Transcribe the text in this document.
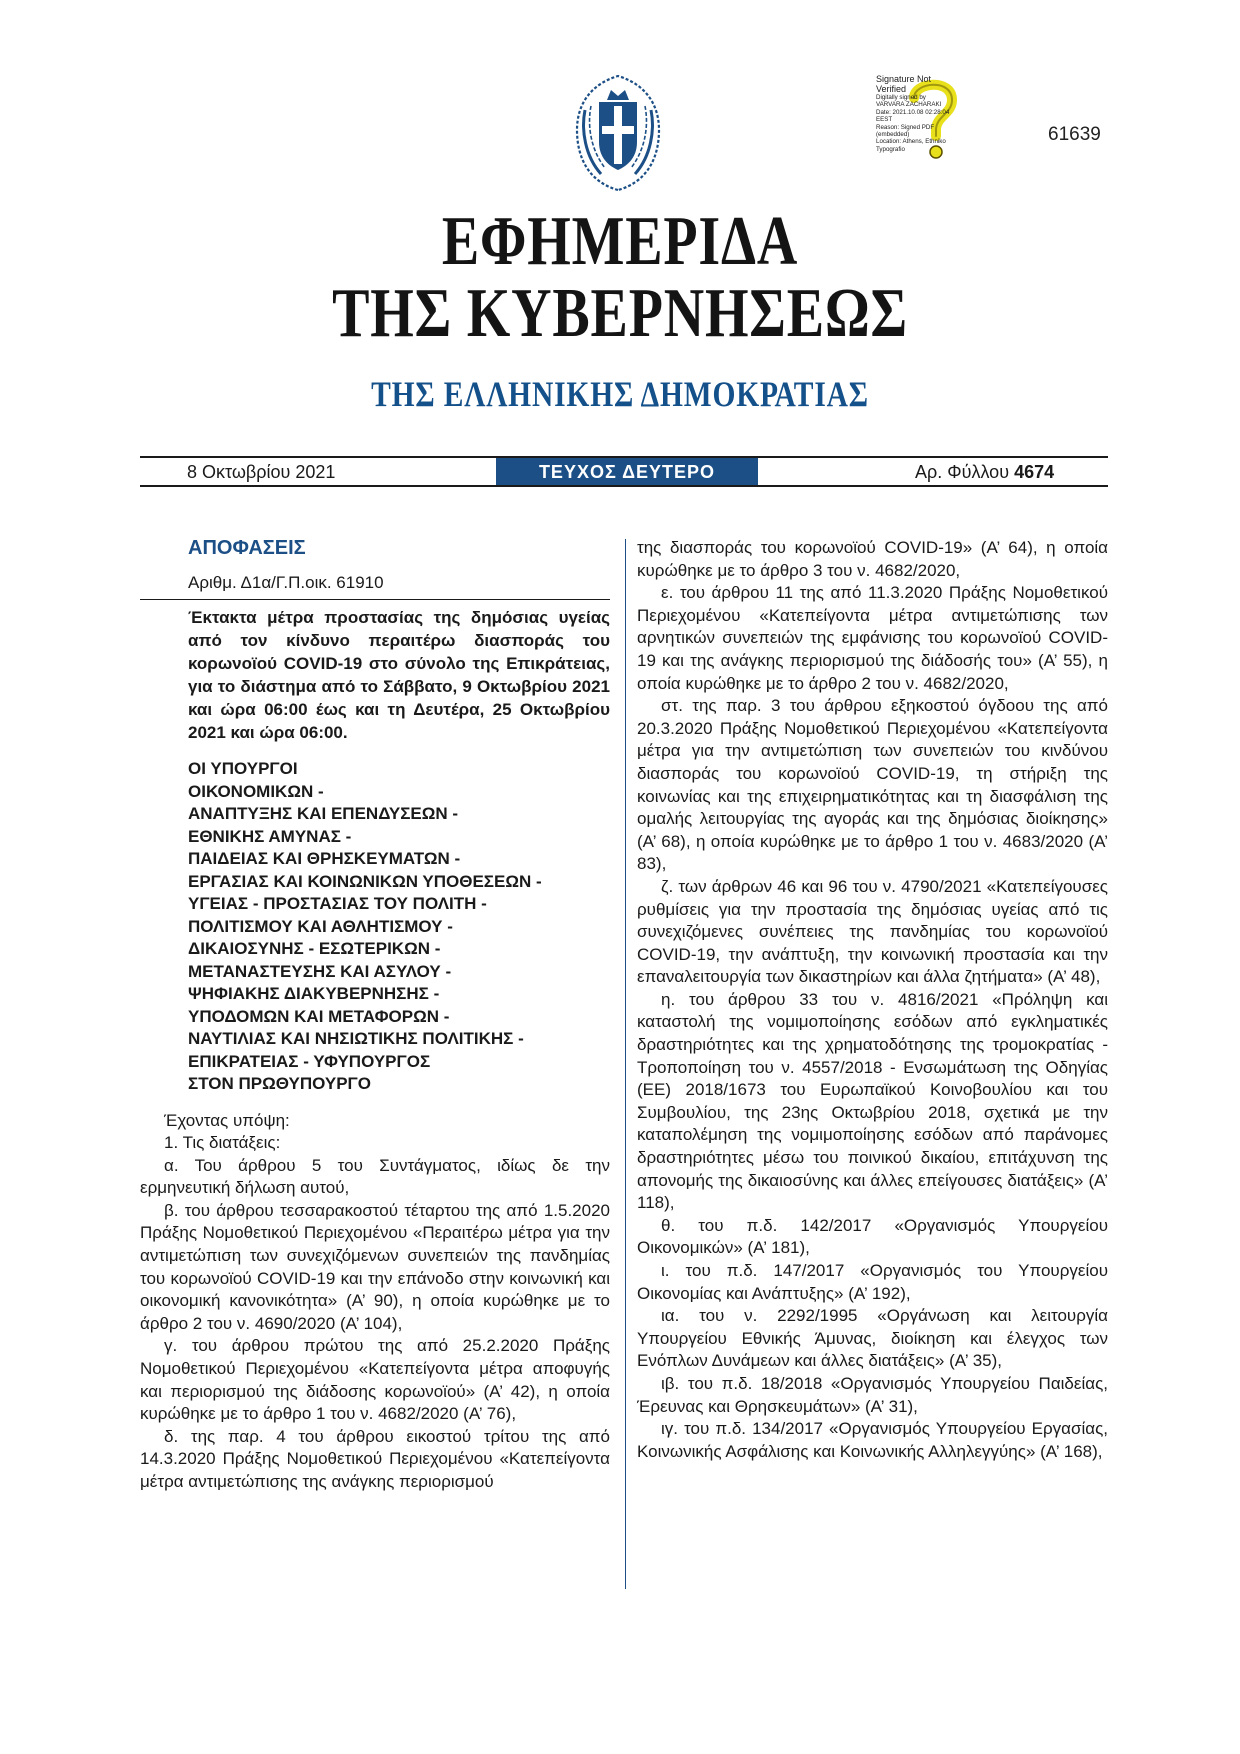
Signature Not
Verified
Digitally signed by
VARVARA ZACHARAKI
Date: 2021.10.08 02:28:04
EEST
Reason: Signed PDF
(embedded)
Location: Athens, Ethniko
Typografio
61639
ΕΦΗΜΕΡΙΔΑ
ΤΗΣ ΚΥΒΕΡΝΗΣΕΩΣ
ΤΗΣ ΕΛΛΗΝΙΚΗΣ ΔΗΜΟΚΡΑΤΙΑΣ
8 Οκτωβρίου 2021	ΤΕΥΧΟΣ ΔΕΥΤΕΡΟ	Αρ. Φύλλου 4674
ΑΠΟΦΑΣΕΙΣ
Αριθμ. Δ1α/Γ.Π.οικ. 61910
Έκτακτα μέτρα προστασίας της δημόσιας υγείας από τον κίνδυνο περαιτέρω διασποράς του κορωνοϊού COVID-19 στο σύνολο της Επικράτειας, για το διάστημα από το Σάββατο, 9 Οκτωβρίου 2021 και ώρα 06:00 έως και τη Δευτέρα, 25 Οκτωβρίου 2021 και ώρα 06:00.
ΟΙ ΥΠΟΥΡΓΟΙ
ΟΙΚΟΝΟΜΙΚΩΝ -
ΑΝΑΠΤΥΞΗΣ ΚΑΙ ΕΠΕΝΔΥΣΕΩΝ -
ΕΘΝΙΚΗΣ ΑΜΥΝΑΣ -
ΠΑΙΔΕΙΑΣ ΚΑΙ ΘΡΗΣΚΕΥΜΑΤΩΝ -
ΕΡΓΑΣΙΑΣ ΚΑΙ ΚΟΙΝΩΝΙΚΩΝ ΥΠΟΘΕΣΕΩΝ -
ΥΓΕΙΑΣ - ΠΡΟΣΤΑΣΙΑΣ ΤΟΥ ΠΟΛΙΤΗ -
ΠΟΛΙΤΙΣΜΟΥ ΚΑΙ ΑΘΛΗΤΙΣΜΟΥ -
ΔΙΚΑΙΟΣΥΝΗΣ - ΕΣΩΤΕΡΙΚΩΝ -
ΜΕΤΑΝΑΣΤΕΥΣΗΣ ΚΑΙ ΑΣΥΛΟΥ -
ΨΗΦΙΑΚΗΣ ΔΙΑΚΥΒΕΡΝΗΣΗΣ -
ΥΠΟΔΟΜΩΝ ΚΑΙ ΜΕΤΑΦΟΡΩΝ -
ΝΑΥΤΙΛΙΑΣ ΚΑΙ ΝΗΣΙΩΤΙΚΗΣ ΠΟΛΙΤΙΚΗΣ -
ΕΠΙΚΡΑΤΕΙΑΣ - ΥΦΥΠΟΥΡΓΟΣ
ΣΤΟΝ ΠΡΩΘΥΠΟΥΡΓΟ
Έχοντας υπόψη:
1. Τις διατάξεις:

α. Του άρθρου 5 του Συντάγματος, ιδίως δε την ερμηνευτική δήλωση αυτού,

β. του άρθρου τεσσαρακοστού τέταρτου της από 1.5.2020 Πράξης Νομοθετικού Περιεχομένου «Περαιτέρω μέτρα για την αντιμετώπιση των συνεχιζόμενων συνεπειών της πανδημίας του κορωνοϊού COVID-19 και την επάνοδο στην κοινωνική και οικονομική κανονικότητα» (Α’ 90), η οποία κυρώθηκε με το άρθρο 2 του ν. 4690/2020 (Α’ 104),

γ. του άρθρου πρώτου της από 25.2.2020 Πράξης Νομοθετικού Περιεχομένου «Κατεπείγοντα μέτρα αποφυγής και περιορισμού της διάδοσης κορωνοϊού» (Α’ 42), η οποία κυρώθηκε με το άρθρο 1 του ν. 4682/2020 (Α’ 76),

δ. της παρ. 4 του άρθρου εικοστού τρίτου της από 14.3.2020 Πράξης Νομοθετικού Περιεχομένου «Κατεπείγοντα μέτρα αντιμετώπισης της ανάγκης περιορισμού

της διασποράς του κορωνοϊού COVID-19» (Α’ 64), η οποία κυρώθηκε με το άρθρο 3 του ν. 4682/2020,

ε. του άρθρου 11 της από 11.3.2020 Πράξης Νομοθετικού Περιεχομένου «Κατεπείγοντα μέτρα αντιμετώπισης των αρνητικών συνεπειών της εμφάνισης του κορωνοϊού COVID-19 και της ανάγκης περιορισμού της διάδοσής του» (Α’ 55), η οποία κυρώθηκε με το άρθρο 2 του ν. 4682/2020,

στ. της παρ. 3 του άρθρου εξηκοστού όγδοου της από 20.3.2020 Πράξης Νομοθετικού Περιεχομένου «Κατεπείγοντα μέτρα για την αντιμετώπιση των συνεπειών του κινδύνου διασποράς του κορωνοϊού COVID-19, τη στήριξη της κοινωνίας και της επιχειρηματικότητας και τη διασφάλιση της ομαλής λειτουργίας της αγοράς και της δημόσιας διοίκησης» (Α’ 68), η οποία κυρώθηκε με το άρθρο 1 του ν. 4683/2020 (Α’ 83),

ζ. των άρθρων 46 και 96 του ν. 4790/2021 «Κατεπείγουσες ρυθμίσεις για την προστασία της δημόσιας υγείας από τις συνεχιζόμενες συνέπειες της πανδημίας του κορωνοϊού COVID-19, την ανάπτυξη, την κοινωνική προστασία και την επαναλειτουργία των δικαστηρίων και άλλα ζητήματα» (Α’ 48),

η. του άρθρου 33 του ν. 4816/2021 «Πρόληψη και καταστολή της νομιμοποίησης εσόδων από εγκληματικές δραστηριότητες και της χρηματοδότησης της τρομοκρατίας - Τροποποίηση του ν. 4557/2018 - Ενσωμάτωση της Οδηγίας (ΕΕ) 2018/1673 του Ευρωπαϊκού Κοινοβουλίου και του Συμβουλίου, της 23ης Οκτωβρίου 2018, σχετικά με την καταπολέμηση της νομιμοποίησης εσόδων από παράνομες δραστηριότητες μέσω του ποινικού δικαίου, επιτάχυνση της απονομής της δικαιοσύνης και άλλες επείγουσες διατάξεις» (Α’ 118),

θ. του π.δ. 142/2017 «Οργανισμός Υπουργείου Οικονομικών» (Α’ 181),

ι. του π.δ. 147/2017 «Οργανισμός του Υπουργείου Οικονομίας και Ανάπτυξης» (Α’ 192),

ια. του ν. 2292/1995 «Οργάνωση και λειτουργία Υπουργείου Εθνικής Άμυνας, διοίκηση και έλεγχος των Ενόπλων Δυνάμεων και άλλες διατάξεις» (Α’ 35),

ιβ. του π.δ. 18/2018 «Οργανισμός Υπουργείου Παιδείας, Έρευνας και Θρησκευμάτων» (Α’ 31),

ιγ. του π.δ. 134/2017 «Οργανισμός Υπουργείου Εργασίας, Κοινωνικής Ασφάλισης και Κοινωνικής Αλληλεγγύης» (Α’ 168),
